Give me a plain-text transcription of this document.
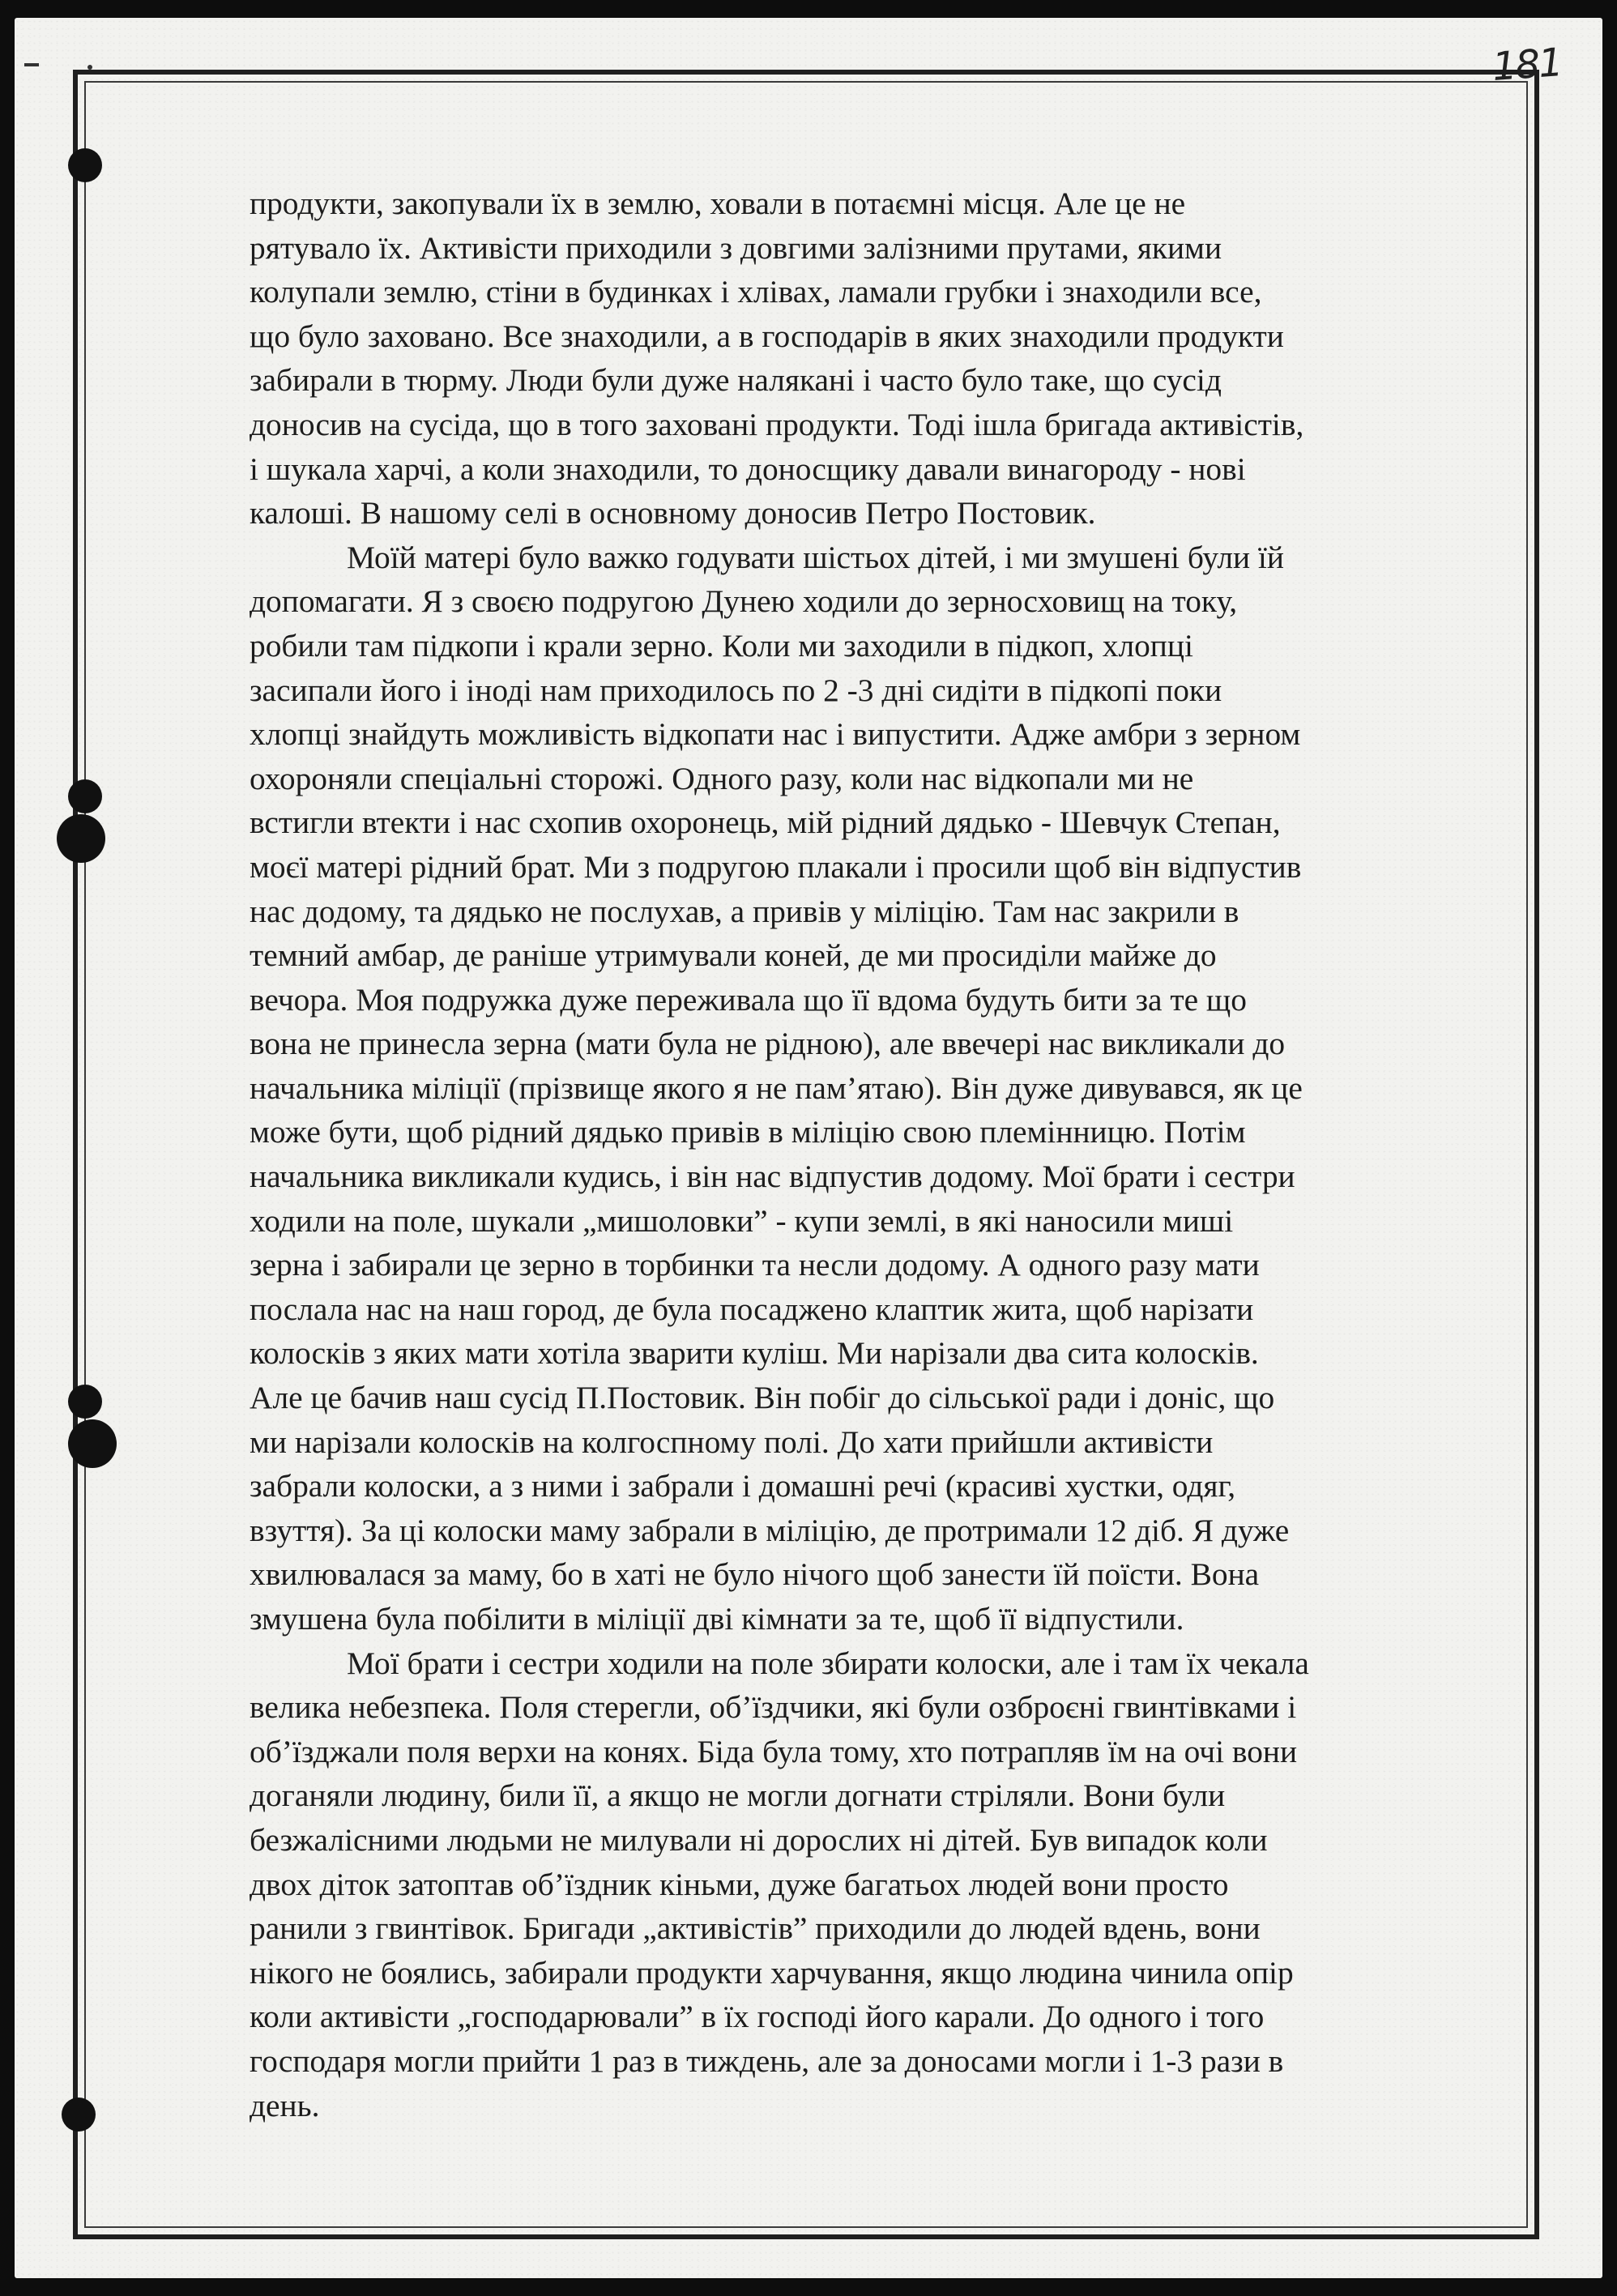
181

продукти, закопували їх в землю, ховали в потаємні місця. Але це не
рятувало їх. Активісти приходили з довгими залізними прутами, якими
колупали землю, стіни в будинках і хлівах, ламали грубки і знаходили все,
що було заховано. Все знаходили, а в господарів в яких знаходили продукти
забирали в тюрму. Люди були дуже налякані і часто було таке, що сусід
доносив на сусіда, що в того заховані продукти. Тоді ішла бригада активістів,
і шукала харчі, а коли знаходили, то доносщику давали винагороду - нові
калоші. В нашому селі в основному доносив Петро Постовик.

Моїй матері було важко годувати шістьох дітей, і ми змушені були їй
допомагати. Я з своєю подругою Дунею ходили до зерносховищ на току,
робили там підкопи і крали зерно. Коли ми заходили в підкоп, хлопці
засипали його і іноді нам приходилось по 2 -3 дні сидіти в підкопі поки
хлопці знайдуть можливість відкопати нас і випустити. Адже амбри з зерном
охороняли спеціальні сторожі. Одного разу, коли нас відкопали ми не
встигли втекти і нас схопив охоронець, мій рідний дядько - Шевчук Степан,
моєї матері рідний брат. Ми з подругою плакали і просили щоб він відпустив
нас додому, та дядько не послухав, а привів у міліцію. Там нас закрили в
темний амбар, де раніше утримували коней, де ми просиділи майже до
вечора. Моя подружка дуже переживала що її вдома будуть бити за те що
вона не принесла зерна (мати була не рідною), але ввечері нас викликали до
начальника міліції (прізвище якого я не пам’ятаю). Він дуже дивувався, як це
може бути, щоб рідний дядько привів в міліцію свою племінницю. Потім
начальника викликали кудись, і він нас відпустив додому. Мої брати і сестри
ходили на поле, шукали „мишоловки” - купи землі, в які наносили миші
зерна і забирали це зерно в торбинки та несли додому. А одного разу мати
послала нас на наш город, де була посаджено клаптик жита, щоб нарізати
колосків з яких мати хотіла зварити куліш. Ми нарізали два сита колосків.
Але це бачив наш сусід П.Постовик. Він побіг до сільської ради і доніс, що
ми нарізали колосків на колгоспному полі. До хати прийшли активісти
забрали колоски, а з ними і забрали і домашні речі (красиві хустки, одяг,
взуття). За ці колоски маму забрали в міліцію, де протримали 12 діб. Я дуже
хвилювалася за маму, бо в хаті не було нічого щоб занести їй поїсти. Вона
змушена була побілити в міліції дві кімнати за те, щоб її відпустили.

Мої брати і сестри ходили на поле збирати колоски, але і там їх чекала
велика небезпека. Поля стерегли, об’їздчики, які були озброєні гвинтівками і
об’їзджали поля верхи на конях. Біда була тому, хто потрапляв їм на очі вони
доганяли людину, били її, а якщо не могли догнати стріляли. Вони були
безжалісними людьми не милували ні дорослих ні дітей. Був випадок коли
двох діток затоптав об’їздник кіньми, дуже багатьох людей вони просто
ранили з гвинтівок. Бригади „активістів” приходили до людей вдень, вони
нікого не боялись, забирали продукти харчування, якщо людина чинила опір
коли активісти „господарювали” в їх господі його карали. До одного і того
господаря могли прийти 1 раз в тиждень, але за доносами могли і 1-3 рази в
день.
